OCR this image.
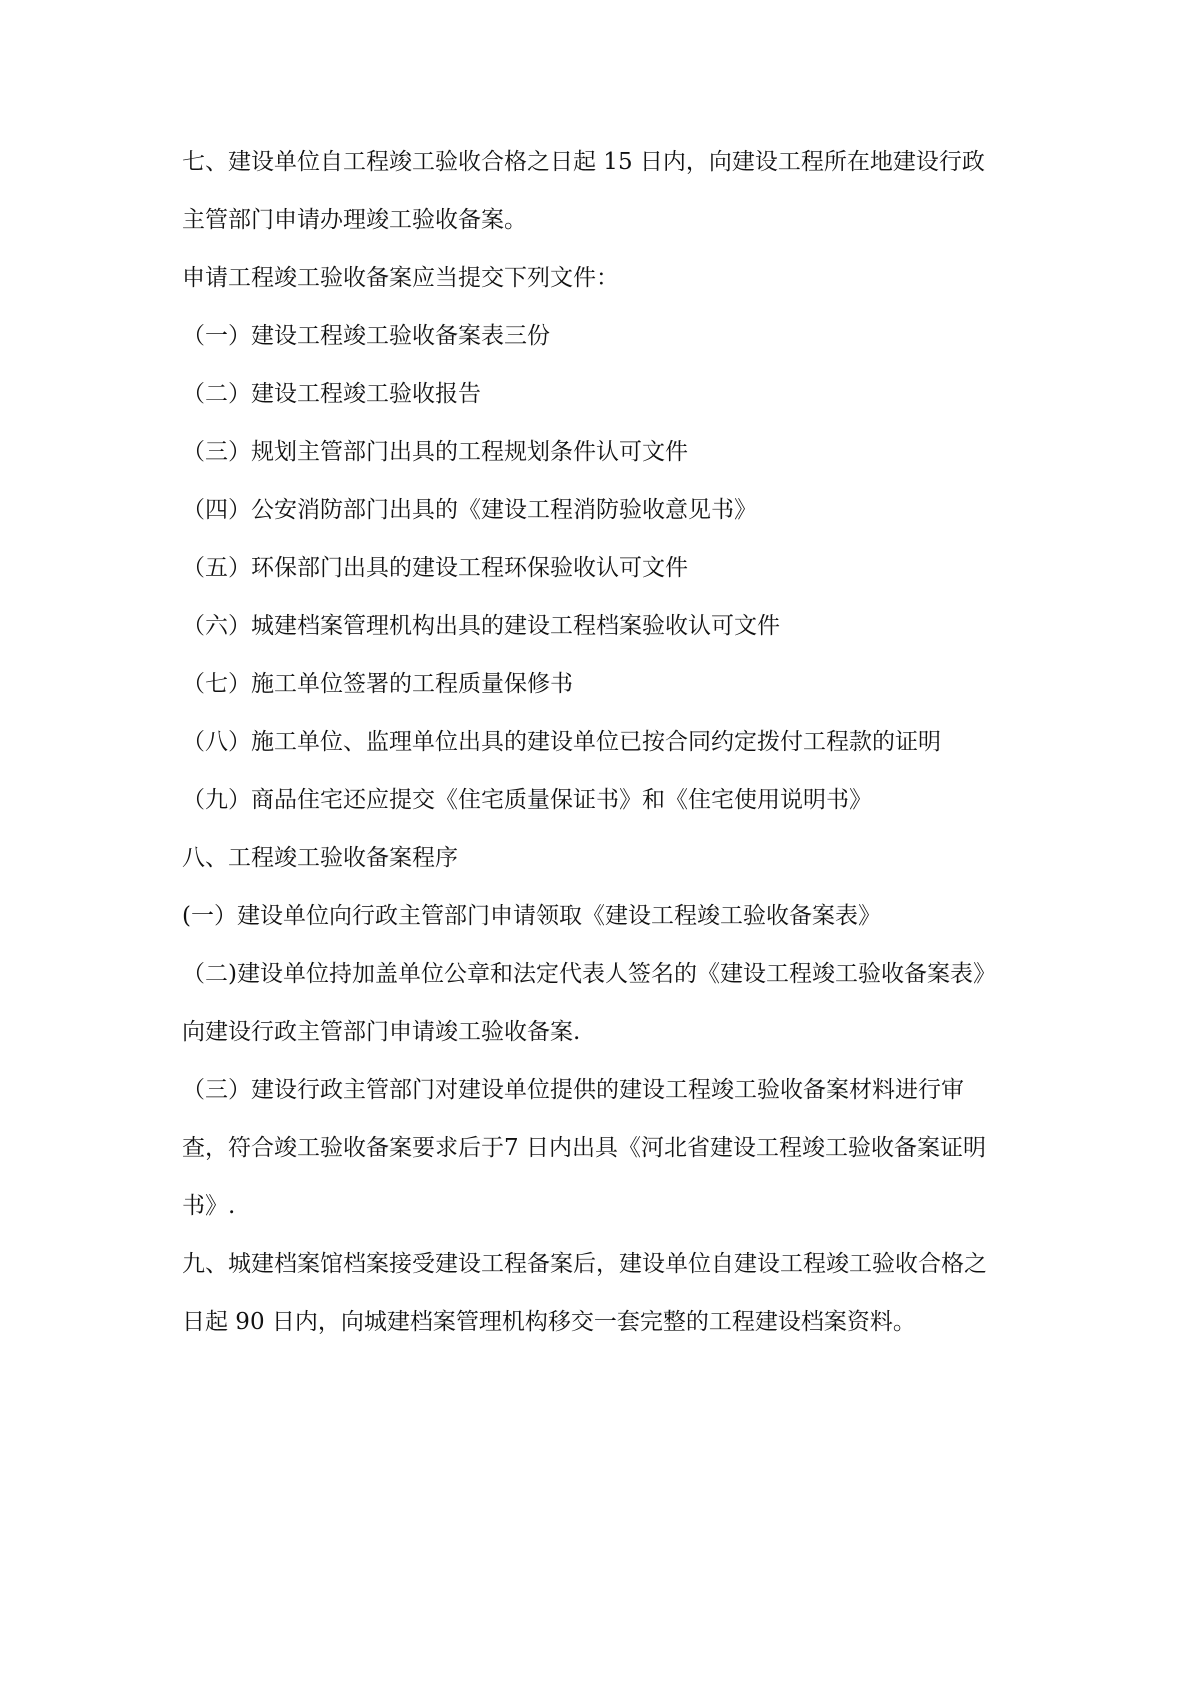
七、建设单位自工程竣工验收合格之日起 15 日内，向建设工程所在地建设行政
主管部门申请办理竣工验收备案。
申请工程竣工验收备案应当提交下列文件：
（一）建设工程竣工验收备案表三份
（二）建设工程竣工验收报告
（三）规划主管部门出具的工程规划条件认可文件
（四）公安消防部门出具的《建设工程消防验收意见书》
（五）环保部门出具的建设工程环保验收认可文件
（六）城建档案管理机构出具的建设工程档案验收认可文件
（七）施工单位签署的工程质量保修书
（八）施工单位、监理单位出具的建设单位已按合同约定拨付工程款的证明
（九）商品住宅还应提交《住宅质量保证书》和《住宅使用说明书》
八、工程竣工验收备案程序
(一）建设单位向行政主管部门申请领取《建设工程竣工验收备案表》
（二)建设单位持加盖单位公章和法定代表人签名的《建设工程竣工验收备案表》
向建设行政主管部门申请竣工验收备案.
（三）建设行政主管部门对建设单位提供的建设工程竣工验收备案材料进行审
查，符合竣工验收备案要求后于7 日内出具《河北省建设工程竣工验收备案证明
书》.
九、城建档案馆档案接受建设工程备案后，建设单位自建设工程竣工验收合格之
日起 90 日内，向城建档案管理机构移交一套完整的工程建设档案资料。
